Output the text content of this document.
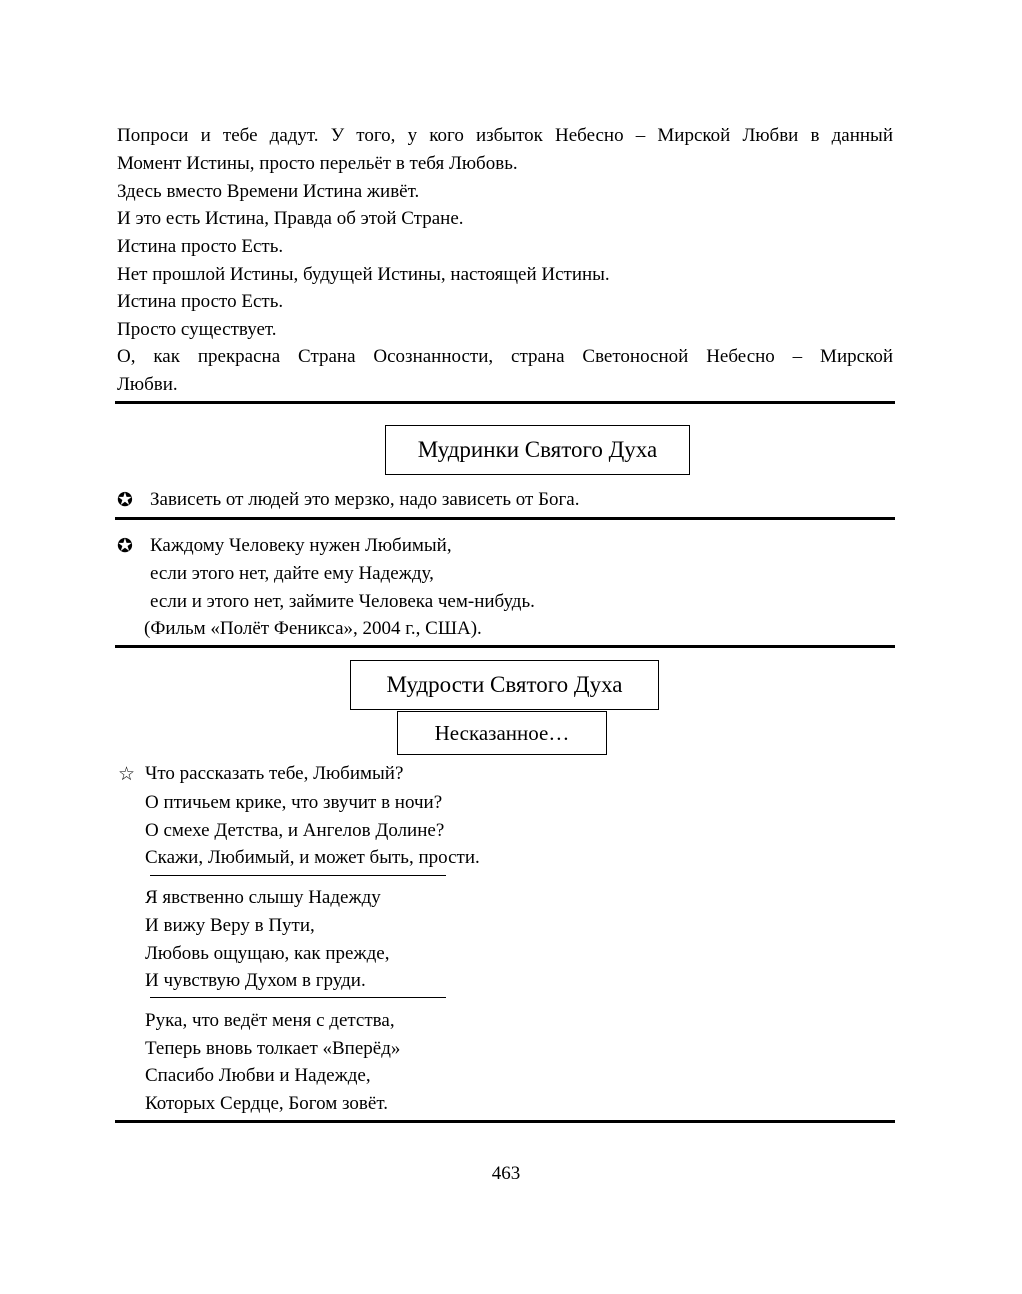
Попроси и тебе дадут. У того, у кого избыток Небесно – Мирской Любви в данный
Момент Истины, просто перельёт в тебя Любовь.
Здесь вместо Времени Истина живёт.
И это есть Истина, Правда об этой Стране.
Истина просто Есть.
Нет прошлой Истины, будущей Истины, настоящей Истины.
Истина просто Есть.
Просто существует.
О, как прекрасна Страна Осознанности, страна Светоносной Небесно – Мирской
Любви.
Мудринки Святого Духа
✪ Зависеть от людей это мерзко, надо зависеть от Бога.
✪ Каждому Человеку нужен Любимый,
если этого нет, дайте ему Надежду,
если и этого нет, займите Человека чем-нибудь.
(Фильм «Полёт Феникса», 2004 г., США).
Мудрости Святого Духа
Несказанное…
☆ Что рассказать тебе, Любимый?
О птичьем крике, что звучит в ночи?
О смехе Детства, и Ангелов Долине?
Скажи, Любимый, и может быть, прости.
Я явственно слышу Надежду
И вижу Веру в Пути,
Любовь ощущаю, как прежде,
И чувствую Духом в груди.
Рука, что ведёт меня с детства,
Теперь вновь толкает «Вперёд»
Спасибо Любви и Надежде,
Которых Сердце, Богом зовёт.
463
